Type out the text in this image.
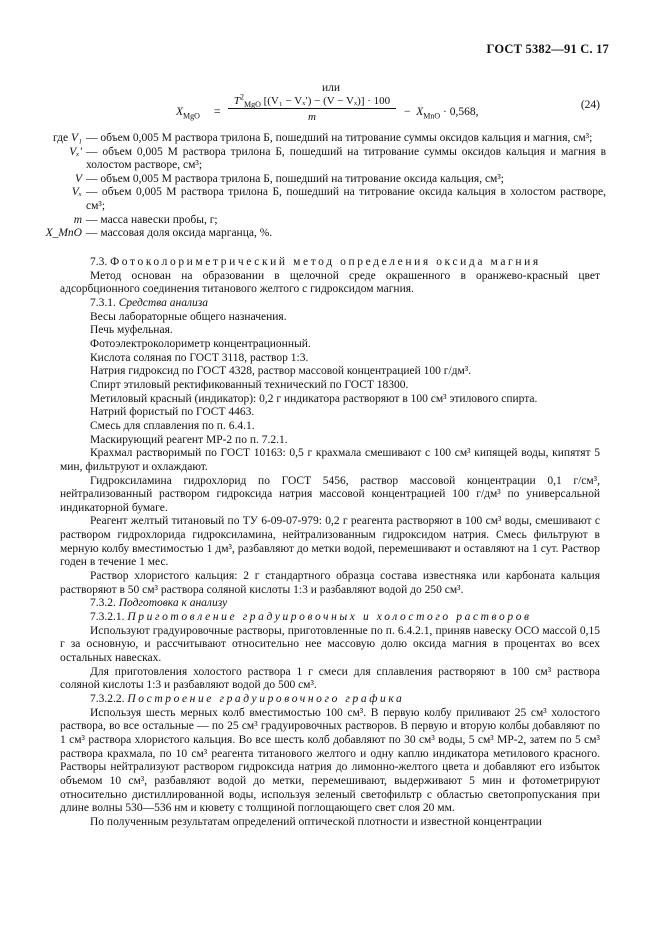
ГОСТ 5382—91 С. 17
или
$X_{MgO}$ =
$T^2_{MgO}$ [(V₁ − Vₓ′) − (V − Vₓ)] · 100
m	− $X_{MnO} \cdot 0,568$,
(24)
где V₁ — объем 0,005 М раствора трилона Б, пошедший на титрование суммы оксидов кальция и магния, см³;
Vₓ′ — объем 0,005 М раствора трилона Б, пошедший на титрование суммы оксидов кальция и магния в холостом растворе, см³;
V — объем 0,005 М раствора трилона Б, пошедший на титрование оксида кальция, см³;
Vₓ — объем 0,005 М раствора трилона Б, пошедший на титрование оксида кальция в холостом растворе, см³;
m — масса навески пробы, г;
X_MnO — массовая доля оксида марганца, %.

7.3. Фотоколориметрический метод определения оксида магния

Метод основан на образовании в щелочной среде окрашенного в оранжево-красный цвет адсорбционного соединения титанового желтого с гидроксидом магния.

7.3.1. Средства анализа

Весы лабораторные общего назначения.

Печь муфельная.

Фотоэлектроколориметр концентрационный.

Кислота соляная по ГОСТ 3118, раствор 1:3.

Натрия гидроксид по ГОСТ 4328, раствор массовой концентрацией 100 г/дм³.

Спирт этиловый ректификованный технический по ГОСТ 18300.

Метиловый красный (индикатор): 0,2 г индикатора растворяют в 100 см³ этилового спирта.

Натрий фористый по ГОСТ 4463.

Смесь для сплавления по п. 6.4.1.

Маскирующий реагент МР-2 по п. 7.2.1.

Крахмал растворимый по ГОСТ 10163: 0,5 г крахмала смешивают с 100 см³ кипящей воды, кипятят 5 мин, фильтруют и охлаждают.

Гидроксиламина гидрохлорид по ГОСТ 5456, раствор массовой концентрации 0,1 г/см³, нейтрализованный раствором гидроксида натрия массовой концентрацией 100 г/дм³ по универсальной индикаторной бумаге.

Реагент желтый титановый по ТУ 6-09-07-979: 0,2 г реагента растворяют в 100 см³ воды, смешивают с раствором гидрохлорида гидроксиламина, нейтрализованным гидроксидом натрия. Смесь фильтруют в мерную колбу вместимостью 1 дм³, разбавляют до метки водой, перемешивают и оставляют на 1 сут. Раствор годен в течение 1 мес.

Раствор хлористого кальция: 2 г стандартного образца состава известняка или карбоната кальция растворяют в 50 см³ раствора соляной кислоты 1:3 и разбавляют водой до 250 см³.

7.3.2. Подготовка к анализу

7.3.2.1. Приготовление градуировочных и холостого растворов

Используют градуировочные растворы, приготовленные по п. 6.4.2.1, приняв навеску ОСО массой 0,15 г за основную, и рассчитывают относительно нее массовую долю оксида магния в процентах во всех остальных навесках.

Для приготовления холостого раствора 1 г смеси для сплавления растворяют в 100 см³ раствора соляной кислоты 1:3 и разбавляют водой до 500 см³.

7.3.2.2. Построение градуировочного графика

Используя шесть мерных колб вместимостью 100 см³. В первую колбу приливают 25 см³ холостого раствора, во все остальные — по 25 см³ градуировочных растворов. В первую и вторую колбы добавляют по 1 см³ раствора хлористого кальция. Во все шесть колб добавляют по 30 см³ воды, 5 см³ МР-2, затем по 5 см³ раствора крахмала, по 10 см³ реагента титанового желтого и одну каплю индикатора метилового красного. Растворы нейтрализуют раствором гидроксида натрия до лимонно-желтого цвета и добавляют его избыток объемом 10 см³, разбавляют водой до метки, перемешивают, выдерживают 5 мин и фотометрируют относительно дистиллированной воды, используя зеленый светофильтр с областью светопропускания при длине волны 530—536 нм и кювету с толщиной поглощающего свет слоя 20 мм.

По полученным результатам определений оптической плотности и известной концентрации
